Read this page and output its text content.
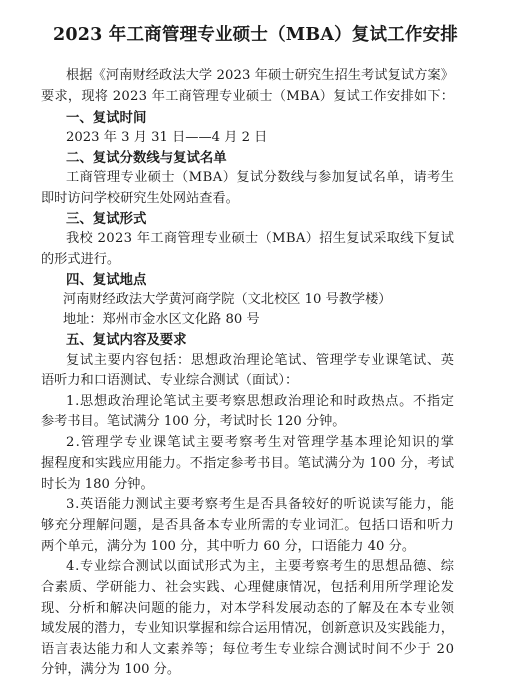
2023 年工商管理专业硕士（MBA）复试工作安排
根据《河南财经政法大学 2023 年硕士研究生招生考试复试方案》
要求，现将 2023 年工商管理专业硕士（MBA）复试工作安排如下：
一、复试时间
2023 年 3 月 31 日——4 月 2 日
二、复试分数线与复试名单
工商管理专业硕士（MBA）复试分数线与参加复试名单，请考生
即时访问学校研究生处网站查看。
三、复试形式
我校 2023 年工商管理专业硕士（MBA）招生复试采取线下复试
的形式进行。
四、复试地点
河南财经政法大学黄河商学院（文北校区 10 号教学楼）
地址：郑州市金水区文化路 80 号
五、复试内容及要求
复试主要内容包括：思想政治理论笔试、管理学专业课笔试、英
语听力和口语测试、专业综合测试（面试）：
1.思想政治理论笔试主要考察思想政治理论和时政热点。不指定
参考书目。笔试满分 100 分，考试时长 120 分钟。
2.管理学专业课笔试主要考察考生对管理学基本理论知识的掌
握程度和实践应用能力。不指定参考书目。笔试满分为 100 分，考试
时长为 180 分钟。
3.英语能力测试主要考察考生是否具备较好的听说读写能力，能
够充分理解问题，是否具备本专业所需的专业词汇。包括口语和听力
两个单元，满分为 100 分，其中听力 60 分，口语能力 40 分。
4.专业综合测试以面试形式为主，主要考察考生的思想品德、综
合素质、学研能力、社会实践、心理健康情况，包括利用所学理论发
现、分析和解决问题的能力，对本学科发展动态的了解及在本专业领
域发展的潜力，专业知识掌握和综合运用情况，创新意识及实践能力，
语言表达能力和人文素养等；每位考生专业综合测试时间不少于 20
分钟，满分为 100 分。
